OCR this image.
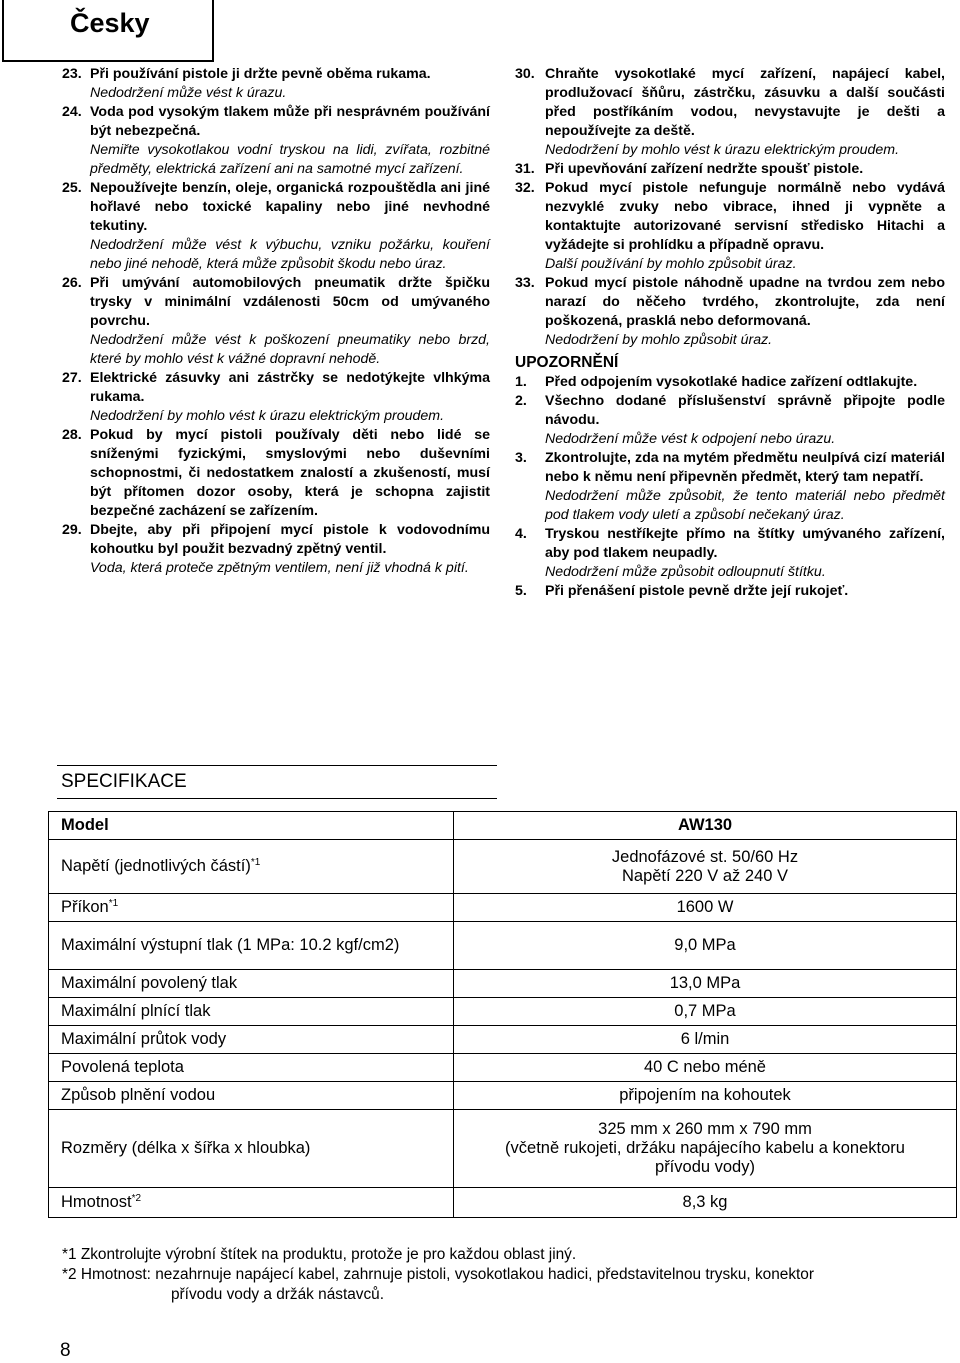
Česky
23. Při používání pistole ji držte pevně oběma rukama.
Nedodržení může vést k úrazu.
24. Voda pod vysokým tlakem může při nesprávném používání být nebezpečná.
Nemiřte vysokotlakou vodní tryskou na lidi, zvířata, rozbitné předměty, elektrická zařízení ani na samotné mycí zařízení.
25. Nepoužívejte benzín, oleje, organická rozpouštědla ani jiné hořlavé nebo toxické kapaliny nebo jiné nevhodné tekutiny.
Nedodržení může vést k výbuchu, vzniku požárku, kouření nebo jiné nehodě, která může způsobit škodu nebo úraz.
26. Při umývání automobilových pneumatik držte špičku trysky v minimální vzdálenosti 50cm od umývaného povrchu.
Nedodržení může vést k poškození pneumatiky nebo brzd, které by mohlo vést k vážné dopravní nehodě.
27. Elektrické zásuvky ani zástrčky se nedotýkejte vlhkýma rukama.
Nedodržení by mohlo vést k úrazu elektrickým proudem.
28. Pokud by mycí pistoli používaly děti nebo lidé se sníženými fyzickými, smyslovými nebo duševními schopnostmi, či nedostatkem znalostí a zkušeností, musí být přítomen dozor osoby, která je schopna zajistit bezpečné zacházení se zařízením.
29. Dbejte, aby při připojení mycí pistole k vodovodnímu kohoutku byl použit bezvadný zpětný ventil.
Voda, která proteče zpětným ventilem, není již vhodná k pití.
30. Chraňte vysokotlaké mycí zařízení, napájecí kabel, prodlužovací šňůru, zástrčku, zásuvku a další součásti před postříkáním vodou, nevystavujte je dešti a nepoužívejte za deště.
Nedodržení by mohlo vést k úrazu elektrickým proudem.
31. Při upevňování zařízení nedržte spoušť pistole.
32. Pokud mycí pistole nefunguje normálně nebo vydává nezvyklé zvuky nebo vibrace, ihned ji vypněte a kontaktujte autorizované servisní středisko Hitachi a vyžádejte si prohlídku a případně opravu.
Další používání by mohlo způsobit úraz.
33. Pokud mycí pistole náhodně upadne na tvrdou zem nebo narazí do něčeho tvrdého, zkontrolujte, zda není poškozená, prasklá nebo deformovaná.
Nedodržení by mohlo způsobit úraz.
UPOZORNĚNÍ
1. Před odpojením vysokotlaké hadice zařízení odtlakujte.
2. Všechno dodané příslušenství správně připojte podle návodu.
Nedodržení může vést k odpojení nebo úrazu.
3. Zkontrolujte, zda na mytém předmětu neulpívá cizí materiál nebo k němu není připevněn předmět, který tam nepatří.
Nedodržení může způsobit, že tento materiál nebo předmět pod tlakem vody uletí a způsobí nečekaný úraz.
4. Tryskou nestříkejte přímo na štítky umývaného zařízení, aby pod tlakem neupadly.
Nedodržení může způsobit odloupnutí štítku.
5. Při přenášení pistole pevně držte její rukojeť.
SPECIFIKACE
Model	AW130
Napětí (jednotlivých částí)$^{*1}$	Jednofázové st. 50/60 Hz
Napětí 220 V až 240 V
Příkon$^{*1}$	1600 W
Maximální výstupní tlak (1 MPa: 10.2 kgf/cm2)	9,0 MPa
Maximální povolený tlak	13,0 MPa
Maximální plnící tlak	0,7 MPa
Maximální průtok vody	6 l/min
Povolená teplota	40 C nebo méně
Způsob plnění vodou	připojením na kohoutek
Rozměry (délka x šířka x hloubka)	325 mm x 260 mm x 790 mm
(včetně rukojeti, držáku napájecího kabelu a konektoru
přívodu vody)
Hmotnost$^{*2}$	8,3 kg
*1 Zkontrolujte výrobní štítek na produktu, protože je pro každou oblast jiný.
*2 Hmotnost: nezahrnuje napájecí kabel, zahrnuje pistoli, vysokotlakou hadici, představitelnou trysku, konektor
přívodu vody a držák nástavců.
8
